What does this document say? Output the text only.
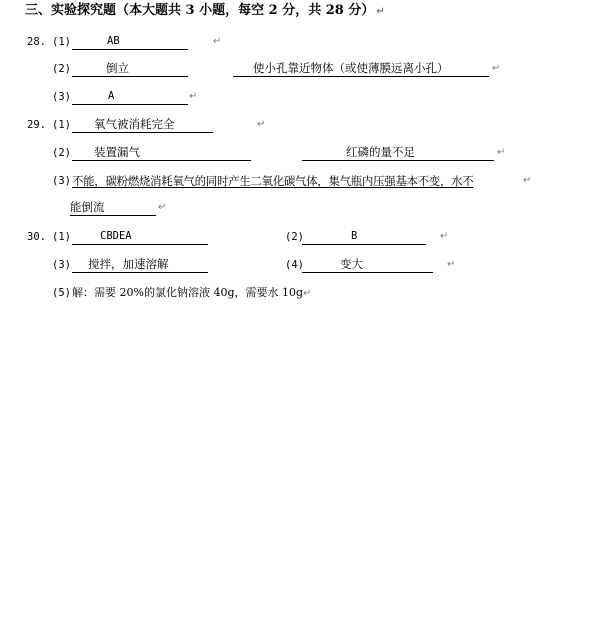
三、实验探究题（本大题共 3 小题，每空 2 分，共 28 分） ↵
28. (1)	AB	↵
(2)	倒立	使小孔靠近物体（或使薄膜远离小孔）	↵
(3)	A	↵
29. (1) 氧气被消耗完全	↵
(2) 装置漏气	红磷的量不足	↵
(3) 不能，碳粉燃烧消耗氧气的同时产生二氧化碳气体，集气瓶内压强基本不变，水不	↵
能倒流	↵
30. (1)	CBDEA	(2)	B	↵
(3) 搅拌，加速溶解	(4)	变大	↵
(5) 解：需要 20%的氯化钠溶液 40g，需要水 10g↵
